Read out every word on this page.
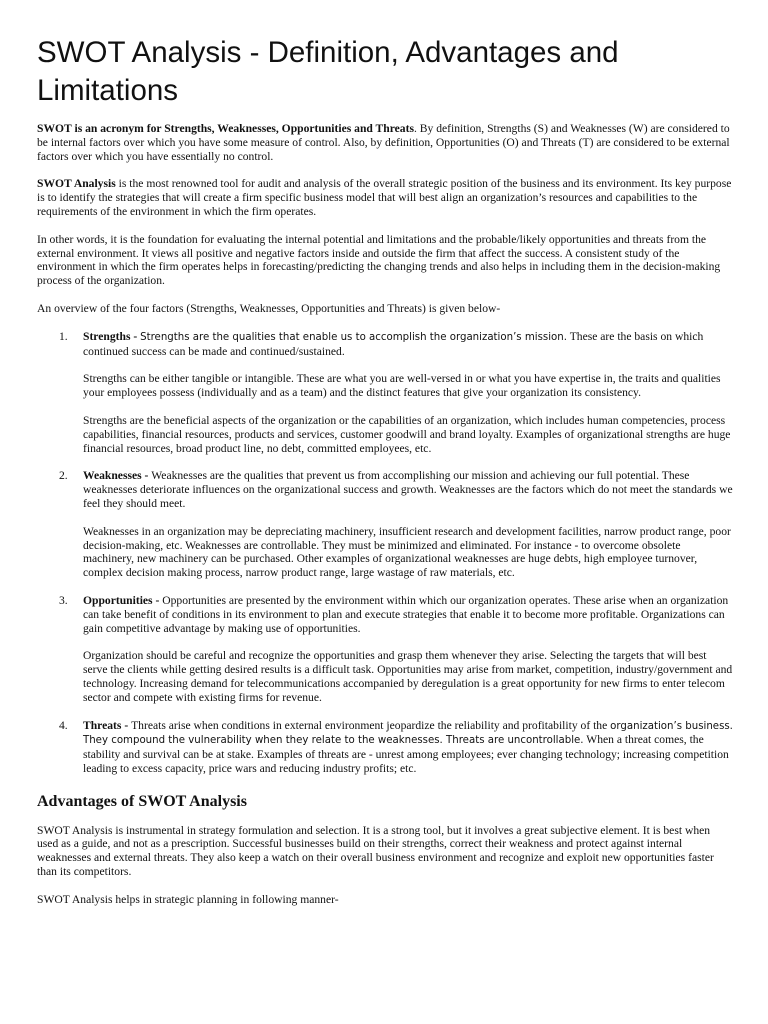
SWOT Analysis - Definition, Advantages and Limitations

SWOT is an acronym for Strengths, Weaknesses, Opportunities and Threats. By definition, Strengths (S) and Weaknesses (W) are considered to be internal factors over which you have some measure of control. Also, by definition, Opportunities (O) and Threats (T) are considered to be external factors over which you have essentially no control.

SWOT Analysis is the most renowned tool for audit and analysis of the overall strategic position of the business and its environment. Its key purpose is to identify the strategies that will create a firm specific business model that will best align an organization’s resources and capabilities to the requirements of the environment in which the firm operates.

In other words, it is the foundation for evaluating the internal potential and limitations and the probable/likely opportunities and threats from the external environment. It views all positive and negative factors inside and outside the firm that affect the success. A consistent study of the environment in which the firm operates helps in forecasting/predicting the changing trends and also helps in including them in the decision-making process of the organization.

An overview of the four factors (Strengths, Weaknesses, Opportunities and Threats) is given below-

1. Strengths - Strengths are the qualities that enable us to accomplish the organization’s mission. These are the basis on which continued success can be made and continued/sustained.

Strengths can be either tangible or intangible. These are what you are well-versed in or what you have expertise in, the traits and qualities your employees possess (individually and as a team) and the distinct features that give your organization its consistency.

Strengths are the beneficial aspects of the organization or the capabilities of an organization, which includes human competencies, process capabilities, financial resources, products and services, customer goodwill and brand loyalty. Examples of organizational strengths are huge financial resources, broad product line, no debt, committed employees, etc.

2. Weaknesses - Weaknesses are the qualities that prevent us from accomplishing our mission and achieving our full potential. These weaknesses deteriorate influences on the organizational success and growth. Weaknesses are the factors which do not meet the standards we feel they should meet.

Weaknesses in an organization may be depreciating machinery, insufficient research and development facilities, narrow product range, poor decision-making, etc. Weaknesses are controllable. They must be minimized and eliminated. For instance - to overcome obsolete machinery, new machinery can be purchased. Other examples of organizational weaknesses are huge debts, high employee turnover, complex decision making process, narrow product range, large wastage of raw materials, etc.

3. Opportunities - Opportunities are presented by the environment within which our organization operates. These arise when an organization can take benefit of conditions in its environment to plan and execute strategies that enable it to become more profitable. Organizations can gain competitive advantage by making use of opportunities.

Organization should be careful and recognize the opportunities and grasp them whenever they arise. Selecting the targets that will best serve the clients while getting desired results is a difficult task. Opportunities may arise from market, competition, industry/government and technology. Increasing demand for telecommunications accompanied by deregulation is a great opportunity for new firms to enter telecom sector and compete with existing firms for revenue.

4. Threats - Threats arise when conditions in external environment jeopardize the reliability and profitability of the organization’s business. They compound the vulnerability when they relate to the weaknesses. Threats are uncontrollable. When a threat comes, the stability and survival can be at stake. Examples of threats are - unrest among employees; ever changing technology; increasing competition leading to excess capacity, price wars and reducing industry profits; etc.

Advantages of SWOT Analysis

SWOT Analysis is instrumental in strategy formulation and selection. It is a strong tool, but it involves a great subjective element. It is best when used as a guide, and not as a prescription. Successful businesses build on their strengths, correct their weakness and protect against internal weaknesses and external threats. They also keep a watch on their overall business environment and recognize and exploit new opportunities faster than its competitors.

SWOT Analysis helps in strategic planning in following manner-
